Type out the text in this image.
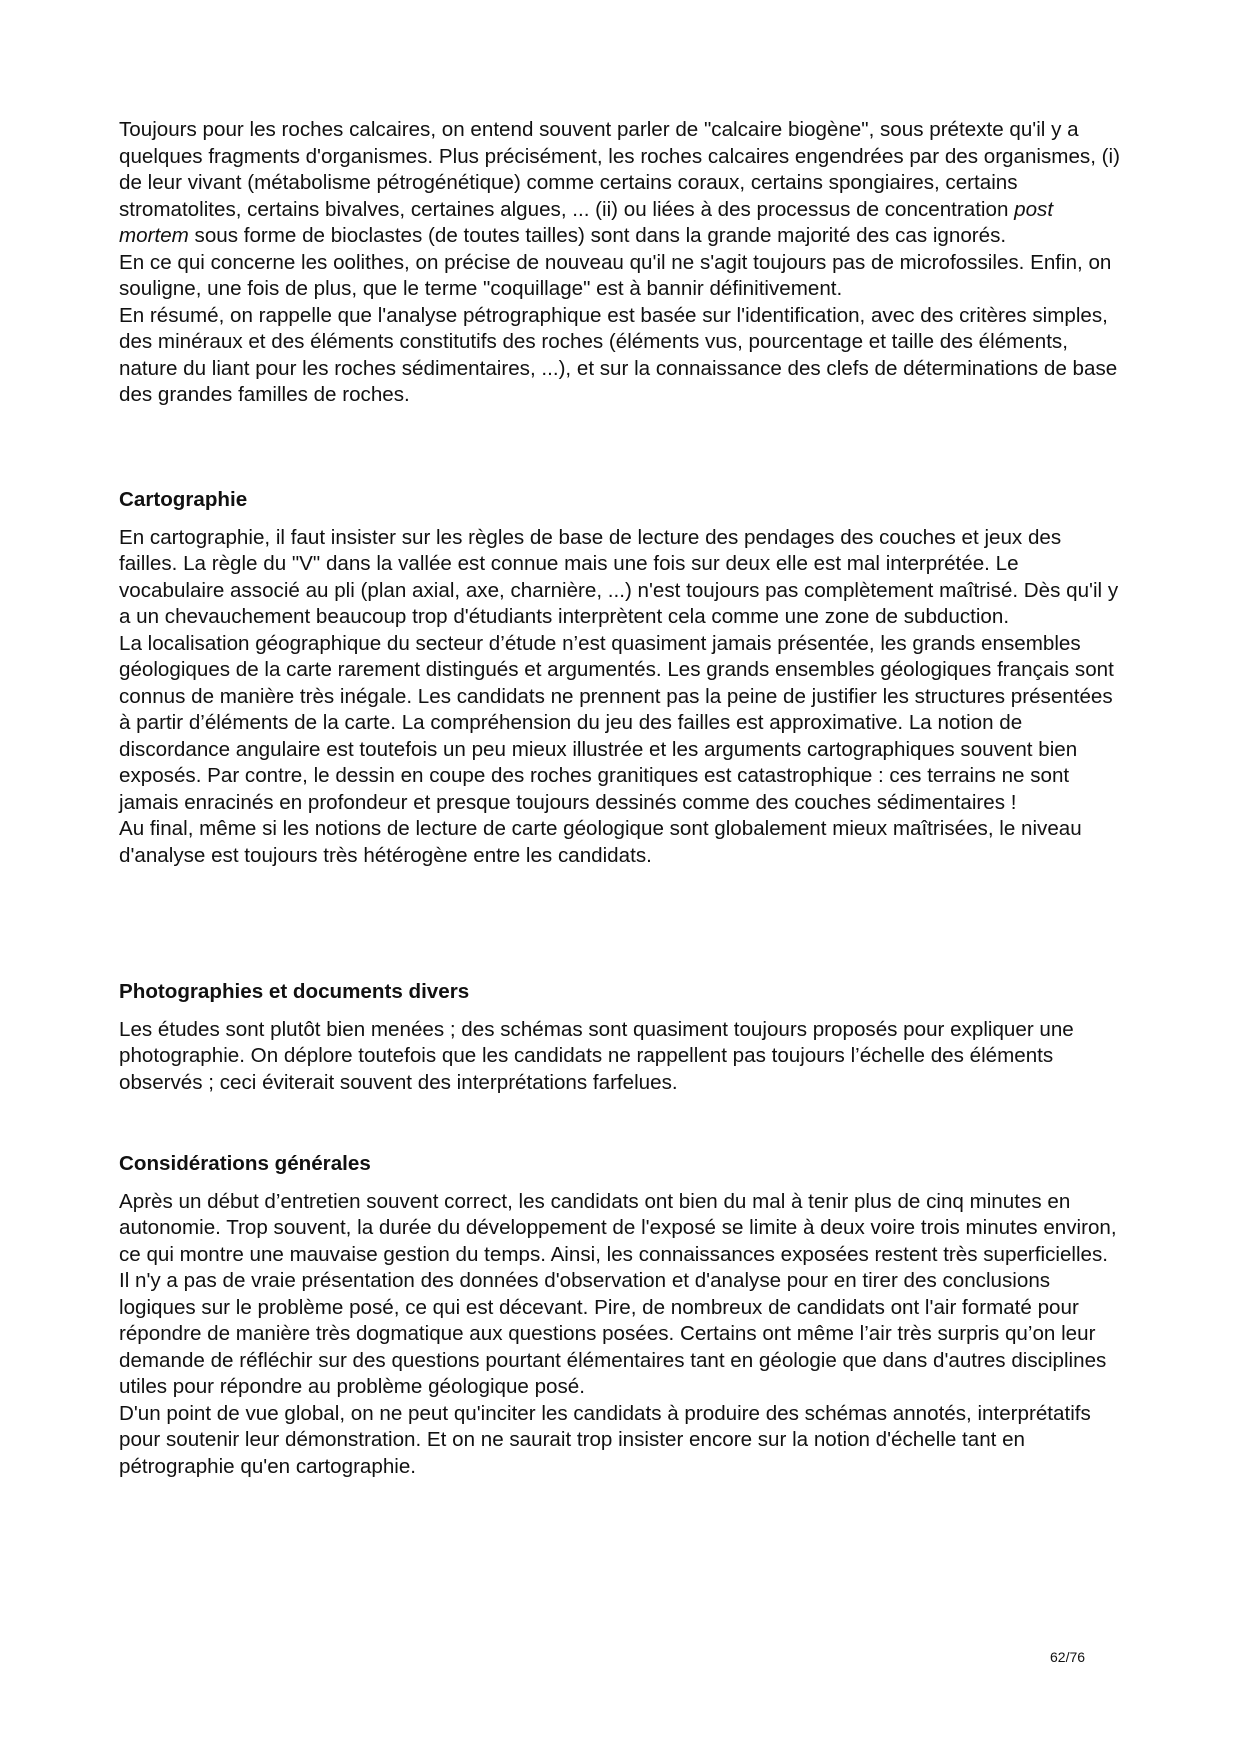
Toujours pour les roches calcaires, on entend souvent parler de "calcaire biogène", sous prétexte qu'il y a quelques fragments d'organismes. Plus précisément, les roches calcaires engendrées par des organismes, (i) de leur vivant (métabolisme pétrogénétique) comme certains coraux, certains spongiaires, certains stromatolites, certains bivalves, certaines algues, ... (ii) ou liées à des processus de concentration post mortem sous forme de bioclastes (de toutes tailles) sont dans la grande majorité des cas ignorés.

En ce qui concerne les oolithes, on précise de nouveau qu'il ne s'agit toujours pas de microfossiles. Enfin, on souligne, une fois de plus, que le terme "coquillage" est à bannir définitivement.

En résumé, on rappelle que l'analyse pétrographique est basée sur l'identification, avec des critères simples, des minéraux et des éléments constitutifs des roches (éléments vus, pourcentage et taille des éléments, nature du liant pour les roches sédimentaires, ...), et sur la connaissance des clefs de déterminations de base des grandes familles de roches.

Cartographie

En cartographie, il faut insister sur les règles de base de lecture des pendages des couches et jeux des failles. La règle du "V" dans la vallée est connue mais une fois sur deux elle est mal interprétée. Le vocabulaire associé au pli (plan axial, axe, charnière, ...) n'est toujours pas complètement maîtrisé. Dès qu'il y a un chevauchement beaucoup trop d'étudiants interprètent cela comme une zone de subduction.

La localisation géographique du secteur d’étude n’est quasiment jamais présentée, les grands ensembles géologiques de la carte rarement distingués et argumentés. Les grands ensembles géologiques français sont connus de manière très inégale. Les candidats ne prennent pas la peine de justifier les structures présentées à partir d’éléments de la carte. La compréhension du jeu des failles est approximative. La notion de discordance angulaire est toutefois un peu mieux illustrée et les arguments cartographiques souvent bien exposés. Par contre, le dessin en coupe des roches granitiques est catastrophique : ces terrains ne sont jamais enracinés en profondeur et presque toujours dessinés comme des couches sédimentaires !

Au final, même si les notions de lecture de carte géologique sont globalement mieux maîtrisées, le niveau d'analyse est toujours très hétérogène entre les candidats.

Photographies et documents divers

Les études sont plutôt bien menées ; des schémas sont quasiment toujours proposés pour expliquer une photographie. On déplore toutefois que les candidats ne rappellent pas toujours l’échelle des éléments observés ; ceci éviterait souvent des interprétations farfelues.

Considérations générales

Après un début d’entretien souvent correct, les candidats ont bien du mal à tenir plus de cinq minutes en autonomie. Trop souvent, la durée du développement de l'exposé se limite à deux voire trois minutes environ, ce qui montre une mauvaise gestion du temps. Ainsi, les connaissances exposées restent très superficielles. Il n'y a pas de vraie présentation des données d'observation et d'analyse pour en tirer des conclusions logiques sur le problème posé, ce qui est décevant. Pire, de nombreux de candidats ont l'air formaté pour répondre de manière très dogmatique aux questions posées. Certains ont même l’air très surpris qu’on leur demande de réfléchir sur des questions pourtant élémentaires tant en géologie que dans d'autres disciplines utiles pour répondre au problème géologique posé.

D'un point de vue global, on ne peut qu'inciter les candidats à produire des schémas annotés, interprétatifs pour soutenir leur démonstration. Et on ne saurait trop insister encore sur la notion d'échelle tant en pétrographie qu'en cartographie.

62/76
